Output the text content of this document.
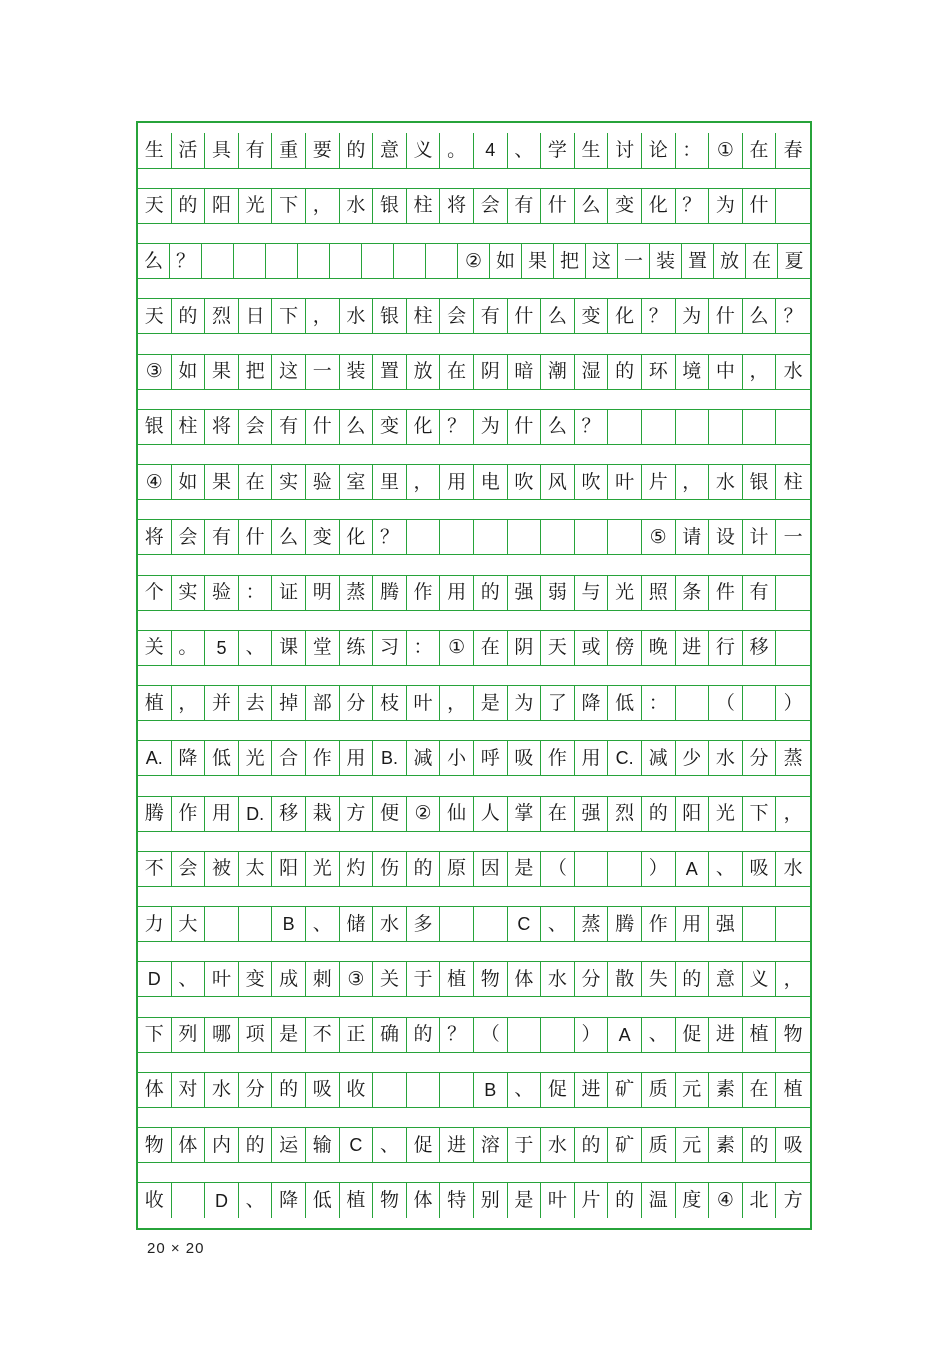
生 活 具 有 重 要 的 意 义 。	4	、 学 生 讨 论 ： ① 在 春
天 的 阳 光 下 ， 水 银 柱 将 会 有 什 么 变 化 ？ 为 什
么 ？	② 如 果 把 这 一 装 置 放 在 夏
天 的 烈 日 下 ， 水 银 柱 会 有 什 么 变 化 ？ 为 什 么 ？
③ 如 果 把 这 一 装 置 放 在 阴 暗 潮 湿 的 环 境 中 ， 水
银 柱 将 会 有 什 么 变 化 ？ 为 什 么 ？
④ 如 果 在 实 验 室 里 ， 用 电 吹 风 吹 叶 片 ， 水 银 柱
将 会 有 什 么 变 化 ？	⑤ 请 设 计 一
个 实 验 ： 证 明 蒸 腾 作 用 的 强 弱 与 光 照 条 件 有
关 。	5	、 课 堂 练 习 ： ① 在 阴 天 或 傍 晚 进 行 移
植 ， 并 去 掉 部 分 枝 叶 ， 是 为 了 降 低 ：	（	）
A. 降 低 光 合 作 用 B. 减 小 呼 吸 作 用 C. 减 少 水 分 蒸
腾 作 用 D. 移 栽 方 便 ② 仙 人 掌 在 强 烈 的 阳 光 下 ，
不 会 被 太 阳 光 灼 伤 的 原 因 是 （	）	A 、 吸 水
力 大	B 、 储 水 多	C 、 蒸 腾 作 用 强
D 、 叶 变 成 刺 ③ 关 于 植 物 体 水 分 散 失 的 意 义 ，
下 列 哪 项 是 不 正 确 的 ？ （	）	A 、 促 进 植 物
体 对 水 分 的 吸 收	B 、 促 进 矿 质 元 素 在 植
物 体 内 的 运 输 C 、 促 进 溶 于 水 的 矿 质 元 素 的 吸
收	D 、 降 低 植 物 体 特 别 是 叶 片 的 温 度 ④ 北 方
20 × 20
